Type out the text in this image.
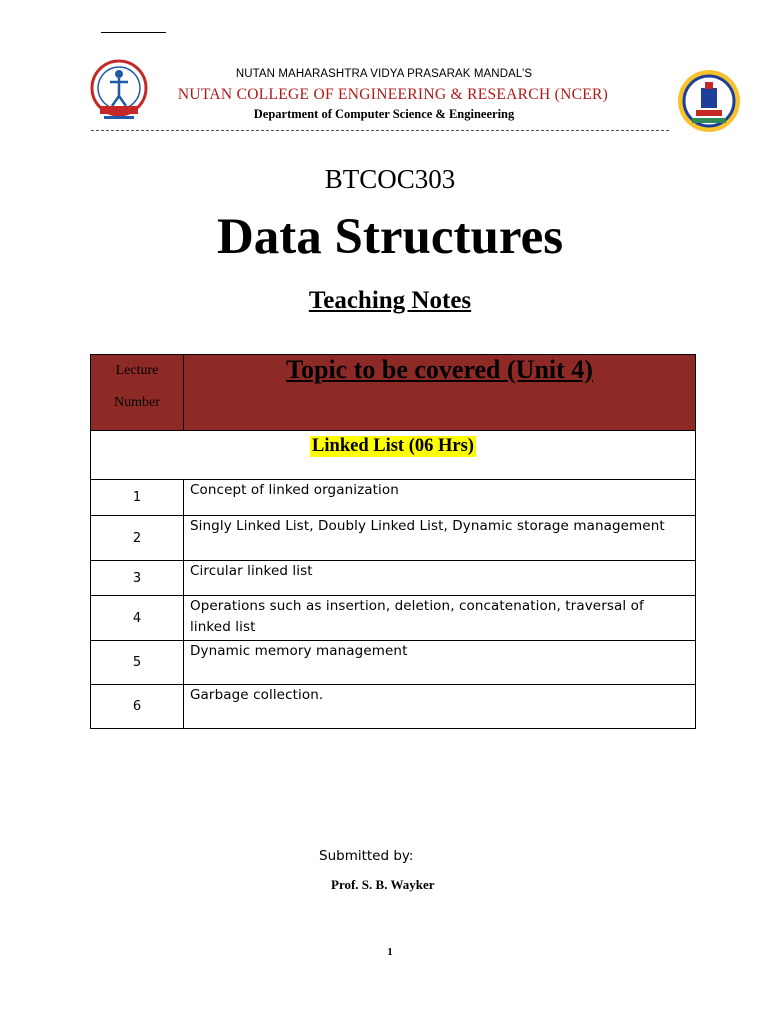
NUTAN MAHARASHTRA VIDYA PRASARAK MANDAL’S
NUTAN COLLEGE OF ENGINEERING & RESEARCH (NCER)
Department of Computer Science & Engineering
BTCOC303
Data Structures
Teaching Notes
Lecture
Number	Topic to be covered (Unit 4)
Linked List (06 Hrs)	
1	Concept of linked organization
2	Singly Linked List, Doubly Linked List, Dynamic storage management
3	Circular linked list
4	Operations such as insertion, deletion, concatenation, traversal of linked list
5	Dynamic memory management
6	Garbage collection.
Submitted by:
Prof. S. B. Wayker
1
